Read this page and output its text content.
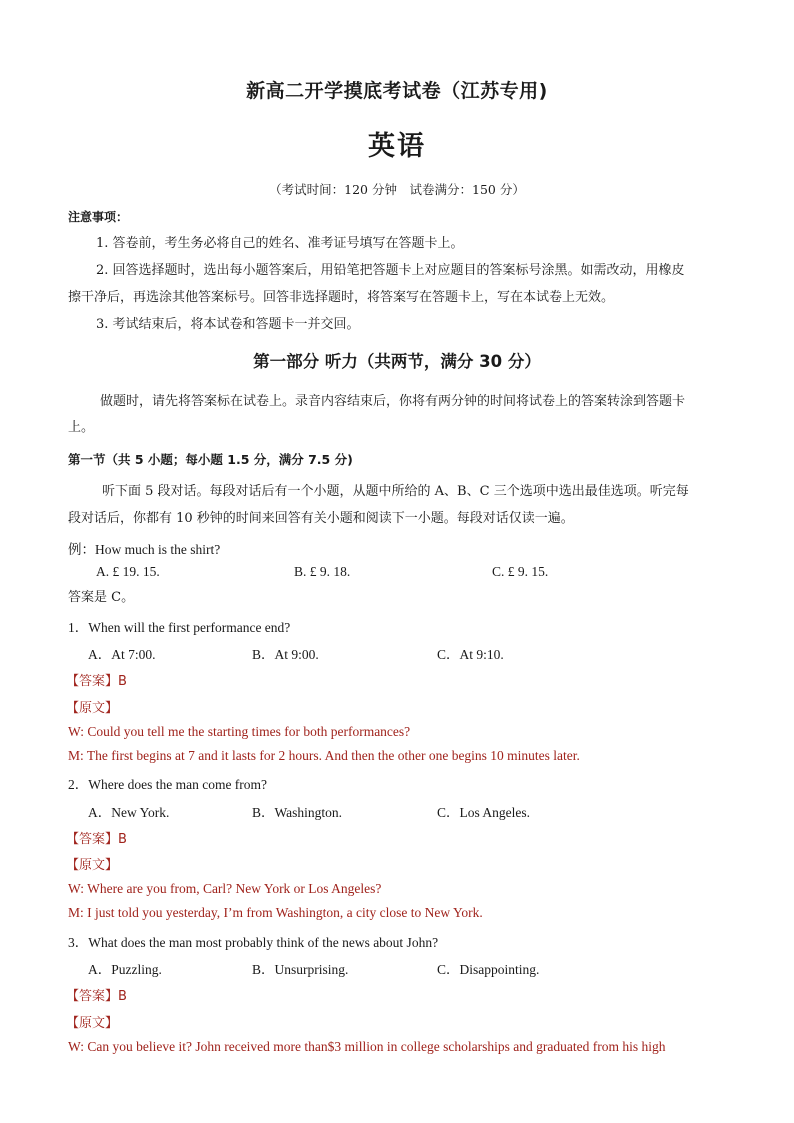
新高二开学摸底考试卷（江苏专用)
英语
（考试时间：120 分钟　试卷满分：150 分）
注意事项：
1. 答卷前，考生务必将自己的姓名、准考证号填写在答题卡上。
2. 回答选择题时，选出每小题答案后，用铅笔把答题卡上对应题目的答案标号涂黑。如需改动，用橡皮
擦干净后，再选涂其他答案标号。回答非选择题时，将答案写在答题卡上，写在本试卷上无效。
3. 考试结束后，将本试卷和答题卡一并交回。
第一部分 听力（共两节，满分 30 分）
做题时，请先将答案标在试卷上。录音内容结束后，你将有两分钟的时间将试卷上的答案转涂到答题卡
上。
第一节（共 5 小题；每小题 1.5 分，满分 7.5 分)
听下面 5 段对话。每段对话后有一个小题，从题中所给的 A、B、C 三个选项中选出最佳选项。听完每
段对话后，你都有 10 秒钟的时间来回答有关小题和阅读下一小题。每段对话仅读一遍。
例：How much is the shirt?
A. £ 19. 15.	B. £ 9. 18.	C. £ 9. 15.
答案是 C。
1．When will the first performance end?
A．At 7:00.	B．At 9:00.	C．At 9:10.
【答案】B
【原文】
W: Could you tell me the starting times for both performances?
M: The first begins at 7 and it lasts for 2 hours. And then the other one begins 10 minutes later.
2．Where does the man come from?
A．New York.	B．Washington.	C．Los Angeles.
【答案】B
【原文】
W: Where are you from, Carl? New York or Los Angeles?
M: I just told you yesterday, I’m from Washington, a city close to New York.
3．What does the man most probably think of the news about John?
A．Puzzling.	B．Unsurprising.	C．Disappointing.
【答案】B
【原文】
W: Can you believe it? John received more than$3 million in college scholarships and graduated from his high
